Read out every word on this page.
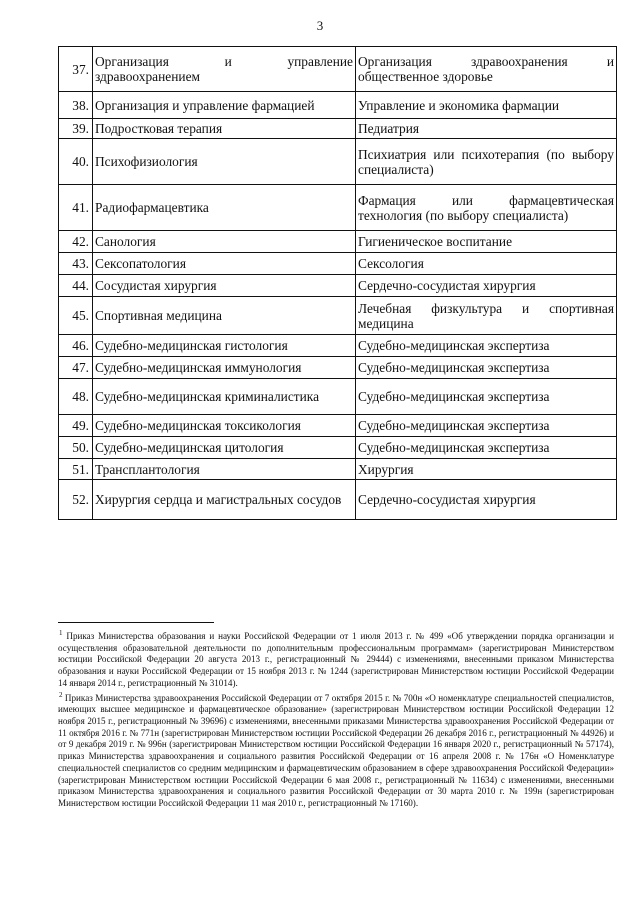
3
37.	Организация и управление здравоохранением	Организация здравоохранения и общественное здоровье
38.	Организация и управление фармацией	Управление и экономика фармации
39.	Подростковая терапия	Педиатрия
40.	Психофизиология	Психиатрия или психотерапия (по выбору специалиста)
41.	Радиофармацевтика	Фармация или фармацевтическая технология (по выбору специалиста)
42.	Санология	Гигиеническое воспитание
43.	Сексопатология	Сексология
44.	Сосудистая хирургия	Сердечно-сосудистая хирургия
45.	Спортивная медицина	Лечебная физкультура и спортивная медицина
46.	Судебно-медицинская гистология	Судебно-медицинская экспертиза
47.	Судебно-медицинская иммунология	Судебно-медицинская экспертиза
48.	Судебно-медицинская криминалистика	Судебно-медицинская экспертиза
49.	Судебно-медицинская токсикология	Судебно-медицинская экспертиза
50.	Судебно-медицинская цитология	Судебно-медицинская экспертиза
51.	Трансплантология	Хирургия
52.	Хирургия сердца и магистральных сосудов	Сердечно-сосудистая хирургия

$^1$ Приказ Министерства образования и науки Российской Федерации от 1 июля 2013 г. № 499 «Об утверждении порядка организации и осуществления образовательной деятельности по дополнительным профессиональным программам» (зарегистрирован Министерством юстиции Российской Федерации 20 августа 2013 г., регистрационный № 29444) с изменениями, внесенными приказом Министерства образования и науки Российской Федерации от 15 ноября 2013 г. № 1244 (зарегистрирован Министерством юстиции Российской Федерации 14 января 2014 г., регистрационный № 31014).

$^2$ Приказ Министерства здравоохранения Российской Федерации от 7 октября 2015 г. № 700н «О номенклатуре специальностей специалистов, имеющих высшее медицинское и фармацевтическое образование» (зарегистрирован Министерством юстиции Российской Федерации 12 ноября 2015 г., регистрационный № 39696) с изменениями, внесенными приказами Министерства здравоохранения Российской Федерации от 11 октября 2016 г. № 771н (зарегистрирован Министерством юстиции Российской Федерации 26 декабря 2016 г., регистрационный № 44926) и от 9 декабря 2019 г. № 996н (зарегистрирован Министерством юстиции Российской Федерации 16 января 2020 г., регистрационный № 57174), приказ Министерства здравоохранения и социального развития Российской Федерации от 16 апреля 2008 г. № 176н «О Номенклатуре специальностей специалистов со средним медицинским и фармацевтическим образованием в сфере здравоохранения Российской Федерации» (зарегистрирован Министерством юстиции Российской Федерации 6 мая 2008 г., регистрационный № 11634) с изменениями, внесенными приказом Министерства здравоохранения и социального развития Российской Федерации от 30 марта 2010 г. № 199н (зарегистрирован Министерством юстиции Российской Федерации 11 мая 2010 г., регистрационный № 17160).
